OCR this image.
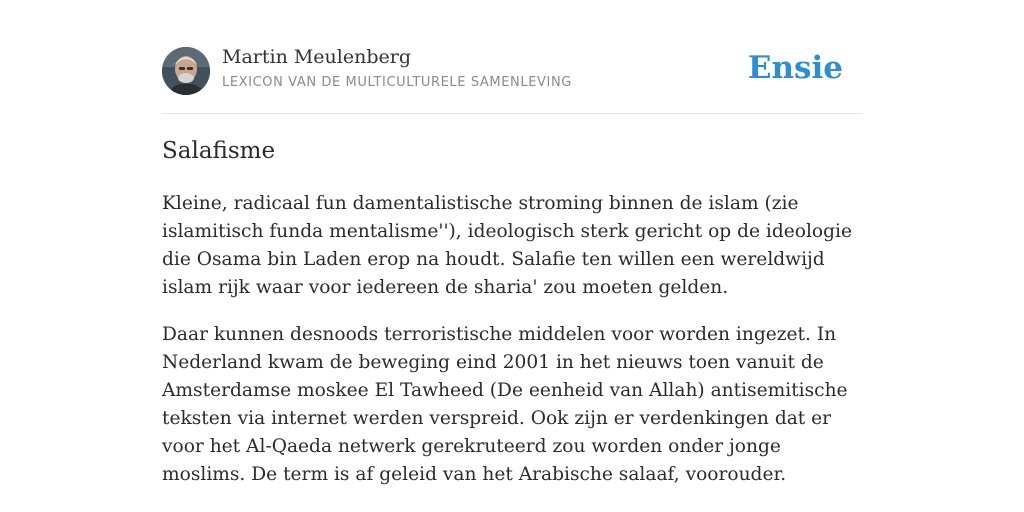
Martin Meulenberg
LEXICON VAN DE MULTICULTURELE SAMENLEVING	Ensie
Salafisme

Kleine, radicaal fun damentalistische stroming binnen de islam (zie islamitisch funda mentalisme''), ideologisch sterk gericht op de ideologie die Osama bin Laden erop na houdt. Salafie ten willen een wereldwijd islam rijk waar voor iedereen de sharia' zou moeten gelden.

Daar kunnen desnoods terroristische middelen voor worden ingezet. In Nederland kwam de beweging eind 2001 in het nieuws toen vanuit de Amsterdamse moskee El Tawheed (De eenheid van Allah) antisemitische teksten via internet werden verspreid. Ook zijn er verdenkingen dat er voor het Al-Qaeda netwerk gerekruteerd zou worden onder jonge moslims. De term is af geleid van het Arabische salaaf, voorouder.
